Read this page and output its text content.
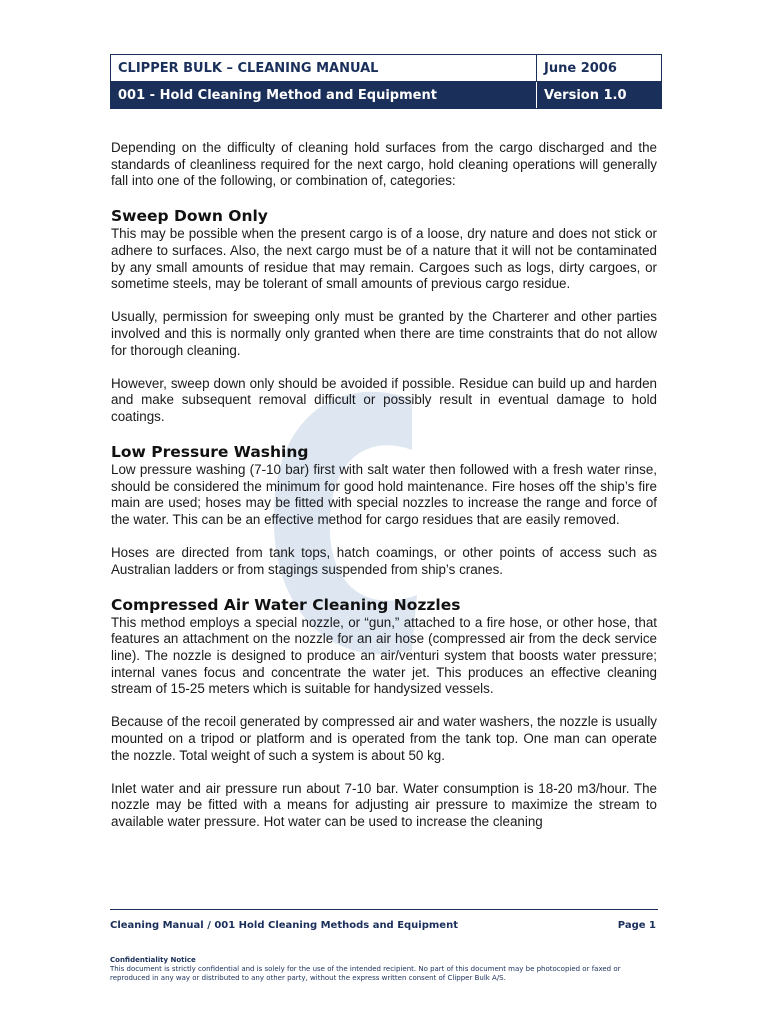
CLIPPER BULK – CLEANING MANUAL	June 2006
001 - Hold Cleaning Method and Equipment	Version 1.0

Depending on the difficulty of cleaning hold surfaces from the cargo discharged and the standards of cleanliness required for the next cargo, hold cleaning operations will generally fall into one of the following, or combination of, categories:

Sweep Down Only

This may be possible when the present cargo is of a loose, dry nature and does not stick or adhere to surfaces. Also, the next cargo must be of a nature that it will not be contaminated by any small amounts of residue that may remain. Cargoes such as logs, dirty cargoes, or sometime steels, may be tolerant of small amounts of previous cargo residue.

Usually, permission for sweeping only must be granted by the Charterer and other parties involved and this is normally only granted when there are time constraints that do not allow for thorough cleaning.

However, sweep down only should be avoided if possible. Residue can build up and harden and make subsequent removal difficult or possibly result in eventual damage to hold coatings.

Low Pressure Washing

Low pressure washing (7-10 bar) first with salt water then followed with a fresh water rinse, should be considered the minimum for good hold maintenance. Fire hoses off the ship’s fire main are used; hoses may be fitted with special nozzles to increase the range and force of the water. This can be an effective method for cargo residues that are easily removed.

Hoses are directed from tank tops, hatch coamings, or other points of access such as Australian ladders or from stagings suspended from ship’s cranes.

Compressed Air Water Cleaning Nozzles

This method employs a special nozzle, or “gun,” attached to a fire hose, or other hose, that features an attachment on the nozzle for an air hose (compressed air from the deck service line). The nozzle is designed to produce an air/venturi system that boosts water pressure; internal vanes focus and concentrate the water jet. This produces an effective cleaning stream of 15-25 meters which is suitable for handysized vessels.

Because of the recoil generated by compressed air and water washers, the nozzle is usually mounted on a tripod or platform and is operated from the tank top. One man can operate the nozzle. Total weight of such a system is about 50 kg.

Inlet water and air pressure run about 7-10 bar. Water consumption is 18-20 m3/hour. The nozzle may be fitted with a means for adjusting air pressure to maximize the stream to available water pressure. Hot water can be used to increase the cleaning

Cleaning Manual / 001 Hold Cleaning Methods and Equipment	Page 1
Confidentiality Notice
This document is strictly confidential and is solely for the use of the intended recipient. No part of this document may be photocopied or faxed or reproduced in any way or distributed to any other party, without the express written consent of Clipper Bulk A/S.
